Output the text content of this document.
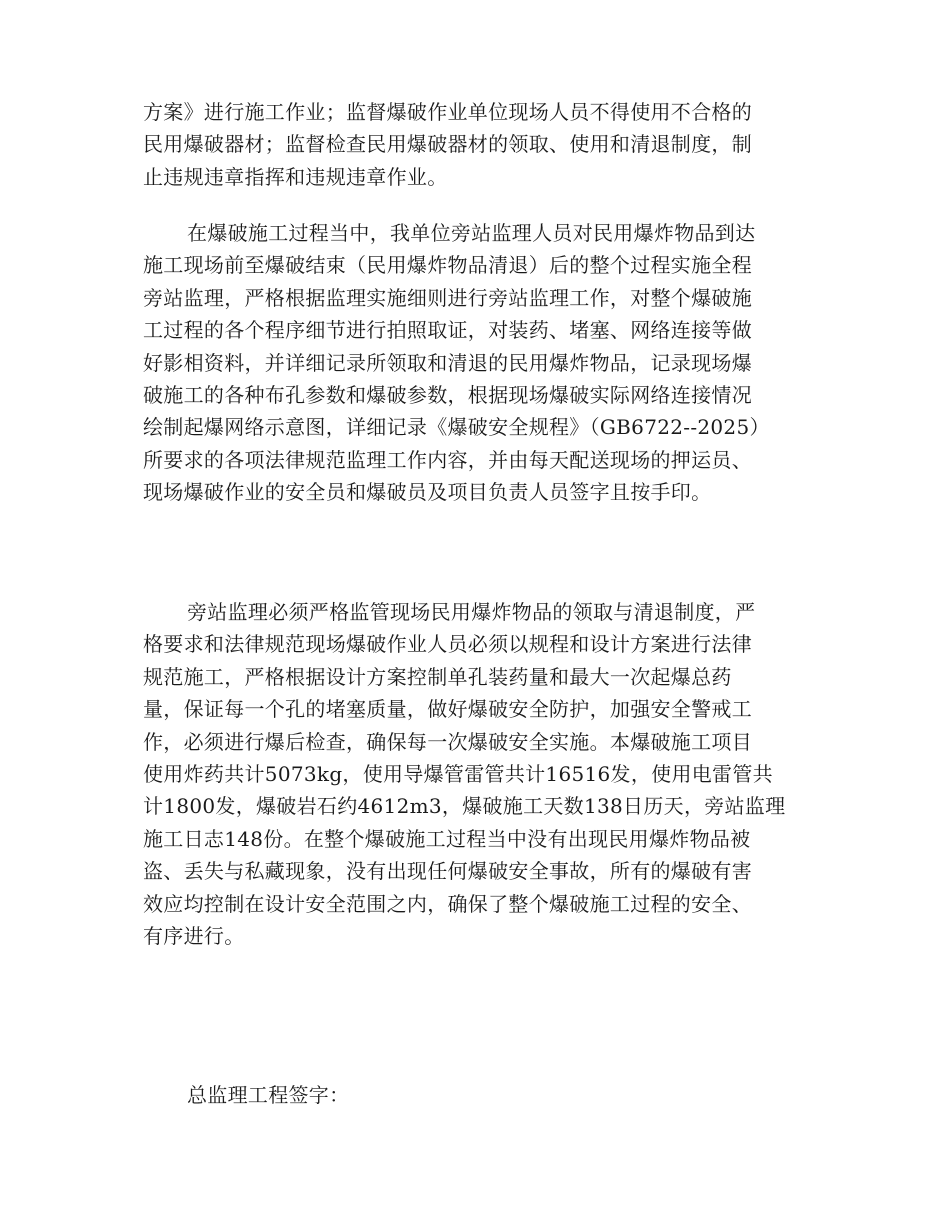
方案》进行施工作业；监督爆破作业单位现场人员不得使用不合格的
民用爆破器材；监督检查民用爆破器材的领取、使用和清退制度，制
止违规违章指挥和违规违章作业。

在爆破施工过程当中，我单位旁站监理人员对民用爆炸物品到达
施工现场前至爆破结束（民用爆炸物品清退）后的整个过程实施全程
旁站监理，严格根据监理实施细则进行旁站监理工作，对整个爆破施
工过程的各个程序细节进行拍照取证，对装药、堵塞、网络连接等做
好影相资料，并详细记录所领取和清退的民用爆炸物品，记录现场爆
破施工的各种布孔参数和爆破参数，根据现场爆破实际网络连接情况
绘制起爆网络示意图，详细记录《爆破安全规程》（GB6722--2025）
所要求的各项法律规范监理工作内容，并由每天配送现场的押运员、
现场爆破作业的安全员和爆破员及项目负责人员签字且按手印。

旁站监理必须严格监管现场民用爆炸物品的领取与清退制度，严
格要求和法律规范现场爆破作业人员必须以规程和设计方案进行法律
规范施工，严格根据设计方案控制单孔装药量和最大一次起爆总药
量，保证每一个孔的堵塞质量，做好爆破安全防护，加强安全警戒工
作，必须进行爆后检查，确保每一次爆破安全实施。本爆破施工项目
使用炸药共计5073kg，使用导爆管雷管共计16516发，使用电雷管共
计1800发，爆破岩石约4612m3，爆破施工天数138日历天，旁站监理
施工日志148份。在整个爆破施工过程当中没有出现民用爆炸物品被
盗、丢失与私藏现象，没有出现任何爆破安全事故，所有的爆破有害
效应均控制在设计安全范围之内，确保了整个爆破施工过程的安全、
有序进行。

总监理工程签字：
